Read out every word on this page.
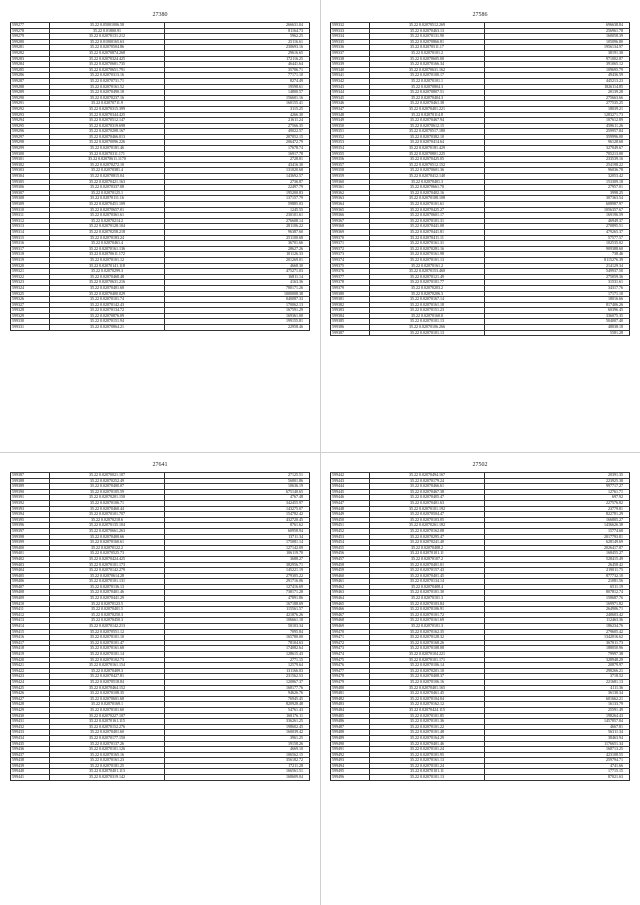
27380
599277	35.22 0.05001006.58	266631.04
599278	35.22 0.01800.91	81164.73
599279	35.22 0.02070131.212	5962.25
599280	35.22 0.01000165.63	25116.61
599281	35.22 0.02070504.86	230693.16
599282	35.22 0.02070874.268	29616.65
599283	35.22 0.02070324.425	172116.25
599284	35.22 0.02070681.735	46441.64
599285	35.22 0.02070651.791	35706.71
599286	35.22 0.02070313.16	77171.10
599287	35.22 0.02070731.71	8274.49
599288	35.22 0.02070161.52	19598.61
599289	35.22 0.02070490.18	14800.57
599290	35.22 0.02070237.16	156601.16
599291	35.22 0.02070711.9	160155.41
599292	35.22 0.02070315.399	3115.25
599293	35.22 0.02070344.425	4266.30
599294	35.22 0.02070512.147	21611.24
599295	35.22 0.02070319.698	27566.35
599296	35.22 0.02070208.167	49022.57
599297	35.22 0.02070466.013	207052.15
599298	35.22 0.02070096.226	206472.79
599299	35.22 0.02070181.46	17678.74
599300	35.22 0.02070311.171	16917.78
599301	35.22 0.02070611.1170	2728.81
599302	35.22 0.02070272.10	43416.30
599303	35.22 0.02070381.4	131020.68
599304	35.22 0.02070815.04	143692.57
599305	35.22 0.02070421.163	2736.87
599306	35.22 0.02070337.08	22497.79
599307	35.22 0.02070125.1	195200.83
599308	35.22 0.02070111.16	137157.79
599309	35.22 0.02070451.109	59885.03
599310	35.22 0.02070657.01	1245.55
599311	35.22 0.02070361.61	230101.61
599312	35.22 0.02070214.2	276608.14
599313	35.22 0.02070128.104	281106.22
599314	35.22 0.02070258.218	96387.60
599315	35.22 0.02070183.24	251100.68
599316	35.22 0.02070461.4	36701.66
599317	35.22 0.02070161.136	28627.26
599318	35.22 0.02070611.172	101126.33
599319	35.22 0.02070101.12	201269.01
599320	35.22 0.02070141.118	4668.30
599321	35.22 0.02070299.3	475271.03
599322	35.22 0.02070468.48	16811.14
599323	35.22 0.02070631.216	4163.36
599324	35.22 0.02070401.68	780171.26
599325	35.22 0.02070400.029	1000008.38
599326	35.22 0.02070101.74	040087.33
599327	35.22 0.02070142.43	170062.13
599328	35.22 0.02070134.72	167591.29
599329	35.22 0.02070876.09	169361.00
599330	35.22 0.02070151.94	199155.81
599331	35.22 0.02070864.21	22958.46
27586
599332	35.22 0.02070512.269	696638.84
599333	35.22 0.02070463.13	256961.78
599334	35.22 0.02070131.90	160058.39
599335	35.22 0.02070866.81	105096.80
599336	35.22 0.02070511.17	1956134.97
599337	35.22 0.02070101.2	38191.30
599338	35.22 0.02070605.00	971002.87
599339	35.22 0.02070166.34	391065.12
599340	35.22 0.02070631.162	109695.79
599341	35.22 0.02070100.17	49436.59
599342	35.22 0.02070101.1	445213.23
599343	35.22 0.02070804.3	1826114.85
599344	35.22 0.02070807.51	20139.28
599345	35.22 0.02070404.3	275663.66
599346	35.22 0.02070461.38	277535.25
599347	35.22 0.02070401.221	18039.21
599348	35.22 0.02070114.8	1283271.73
599349	35.22 0.02070467.94	107612.89
599350	35.22 0.02070612.15	458611.26
599351	35.22 0.02070517.180	259957.84
599352	35.22 0.02070382.10	359996.00
599353	35.22 0.02070414.64	96128.68
599354	35.22 0.02070181.429	327049.67
599355	35.22 0.02070801.225	705213.00
599356	35.22 0.02070425.05	233539.16
599357	35.22 0.02070512.152	254198.22
599358	35.22 0.02070601.36	96036.78
599359	35.22 0.02070412.140	32053.42
599360	35.22 0.02070401.3	153309.18
599361	35.22 0.02070661.70	27957.01
599362	35.22 0.02070402.16	3998.25
599363	35.22 0.02070108.108	307363.54
599364	35.22 0.02070101.61	608987.97
599365	35.22 0.02070425.27	1056357.67
599366	35.22 0.02070601.17	169196.59
599367	35.22 0.02070101.31	46949.37
599368	35.22 0.02070441.08	270895.51
599369	35.22 0.02070441.81	479265.37
599370	35.22 0.02070411.11	57577.57
599371	35.22 0.02070161.31	102535.02
599372	35.22 0.02070281.16	909388.60
599373	35.22 0.02070161.98	738.46
599374	35.22 0.02070101.13	8115276.39
599375	35.22 0.02070161.2	214129.34
599376	35.22 0.02070153.460	549937.50
599377	35.22 0.02070121.49	275059.36
599378	35.22 0.02070101.77	31531.61
599379	35.22 0.02070203.2	34317.76
599380	35.22 0.02070206.3	17171.10
599381	35.22 0.02070167.14	18016.66
599382	35.22 0.02070161.18	817406.26
599383	35.22 0.02070151.23	60396.45
599384	35.22 0.02070160.0	336075.35
599385	35.22 0.02070101.13	504007.40
599386	35.22 0.02070106.266	48038.18
599387	35.22 0.02070101.13	5581.28
27641
599387	35.22 0.02070021.107	27125.51
599388	35.22 0.02070252.49	56801.86
599389	35.22 0.02070400.07	10636.19
599390	35.22 0.02070105.59	675140.65
599391	35.22 0.02070201.150	4767.48
599392	35.22 0.02070106.71	342455.97
599393	35.22 0.02070460.44	143275.07
599394	35.22 0.02070101.707	154782.42
599395	35.22 0.02070218.6	432720.45
599396	35.22 0.02070135.104	8761.62
599397	35.22 0.02070661.263	60958.94
599398	35.22 0.02070400.66	13711.34
599399	35.22 0.02070160.61	175081.14
599400	35.22 0.02070122.2	127142.09
599401	35.22 0.02070525.73	106119.70
599402	35.22 0.02070424.425	3688.27
599403	35.22 0.02070101.173	382956.71
599404	35.22 0.02070142.279	145221.19
599405	35.22 0.02070614.28	279305.22
599406	35.22 0.02070101.131	291716.06
599407	35.22 0.02070136.13	127416.69
599408	35.22 0.02070401.46	738171.28
599409	35.22 0.02070441.29	47891.86
599410	35.22 0.02070123.5	167188.69
599411	35.22 0.02070401.5	115561.57
599412	35.22 0.02070250.3	421876.26
599413	35.22 0.02070450.3	106661.18
599414	35.22 0.02070142.213	50103.34
599415	35.22 0.02070551.12	7095.84
599416	35.22 0.02070101.10	165780.00
599417	35.22 0.02070101.47	78104.63
599418	35.22 0.02070161.68	174082.64
599419	35.22 0.02070101.14	128615.43
599420	35.22 0.02070102.73	2771.15
599421	35.22 0.02070161.154	12579.64
599422	35.22 0.02070409.3	131166.03
599423	35.22 0.02070427.81	231562.53
599424	35.22 0.02070518.84	120867.37
599425	35.22 0.02070464.152	168177.76
599426	35.22 0.02070108.35	94626.76
599427	35.22 0.02070601.68	76945.45
599428	35.22 0.02070169.1	820928.48
599429	35.22 0.02070101.60	54761.43
599430	35.22 0.02070227.107	168176.11
599431	35.22 0.02070161.115	336261.25
599432	35.22 0.02070152.276	198602.45
599433	35.22 0.02070401.60	160039.42
599434	35.22 0.02070177.150	3961.25
599435	35.22 0.02070137.26	19158.26
599436	35.22 0.02070101.126	4669.10
599437	35.22 0.02070165.16	106562.15
599438	35.22 0.02070161.23	356182.72
599439	35.22 0.02070181.25	17211.28
599440	35.22 0.02070401.113	166561.51
599441	35.22 0.02070319.142	168609.04
27502
599442	35.22 0.02070494.167	20391.35
599443	35.22 0.02070179.24	223925.38
599444	35.22 0.02070466.61	997717.27
599445	35.22 0.02070467.38	12761.71
599446	35.22 0.02070405.47	697.92
599447	35.22 0.02070401.63	227576.82
599448	35.22 0.02070101.192	23779.81
599449	35.22 0.02070504.47	822781.29
599450	35.22 0.02070103.05	166805.27
599451	35.22 0.02070261.182	1436626.38
599452	35.22 0.02070162.08	15774.68
599453	35.22 0.02070295.47	2017793.81
599454	35.22 0.02070241.40	628149.69
599455	35.22 0.02070408.2	2026417.87
599456	35.22 0.02070101.11	168455.27
599457	35.22 0.02070107.2	528415.49
599458	35.22 0.02070401.01	26458.42
599459	35.22 0.02070157.43	219011.75
599460	35.22 0.02070401.45	877732.10
599461	35.22 0.02070134.14	21081.56
599462	35.22 0.02070408.4	6511.19
599463	35.22 0.02070101.30	807812.74
599464	35.22 0.02070101.3	158687.76
599465	35.22 0.02070103.84	169971.82
599466	35.22 0.02070106.91	264906.71
599467	35.22 0.02070101.72	240603.42
599468	35.22 0.02070161.69	112463.36
599469	35.22 0.02070101.3	186234.76
599470	35.22 0.02070162.35	279605.42
599471	35.22 0.02070128.32	1342016.62
599472	35.22 0.02070168.26	367011.73
599473	35.22 0.02070108.08	188050.96
599474	35.22 0.02070104.221	79997.38
599475	35.22 0.02070101.171	328948.29
599476	35.22 0.02070106.14	20879.97
599477	35.22 0.02070201.10	298266.21
599478	35.22 0.02070408.37	3718.52
599479	35.22 0.02070106.16	221681.13
599480	35.22 0.02070401.165	4111.36
599481	35.22 0.02070461.45	36130.34
599482	35.22 0.02070104.04	601662.21
599483	35.22 0.02070162.12	16133.79
599484	35.22 0.02070424.115	25591.49
599485	35.22 0.02070101.85	198264.43
599486	35.22 0.02070101.36	1457857.84
599487	35.22 0.02070101.22	4667.81
599488	35.22 0.02070101.48	56311.34
599489	35.22 0.02070164.29	38463.94
599490	35.22 0.02070401.46	1176651.34
599491	35.22 0.02070101.24	168713.25
599492	35.22 0.02070101.95	423108.55
599493	35.22 0.02070161.13	259794.71
599494	35.22 0.02070101.24	4741.66
599495	35.22 0.02070101.11	17715.15
599496	35.22 0.02070101.13	87021.63
